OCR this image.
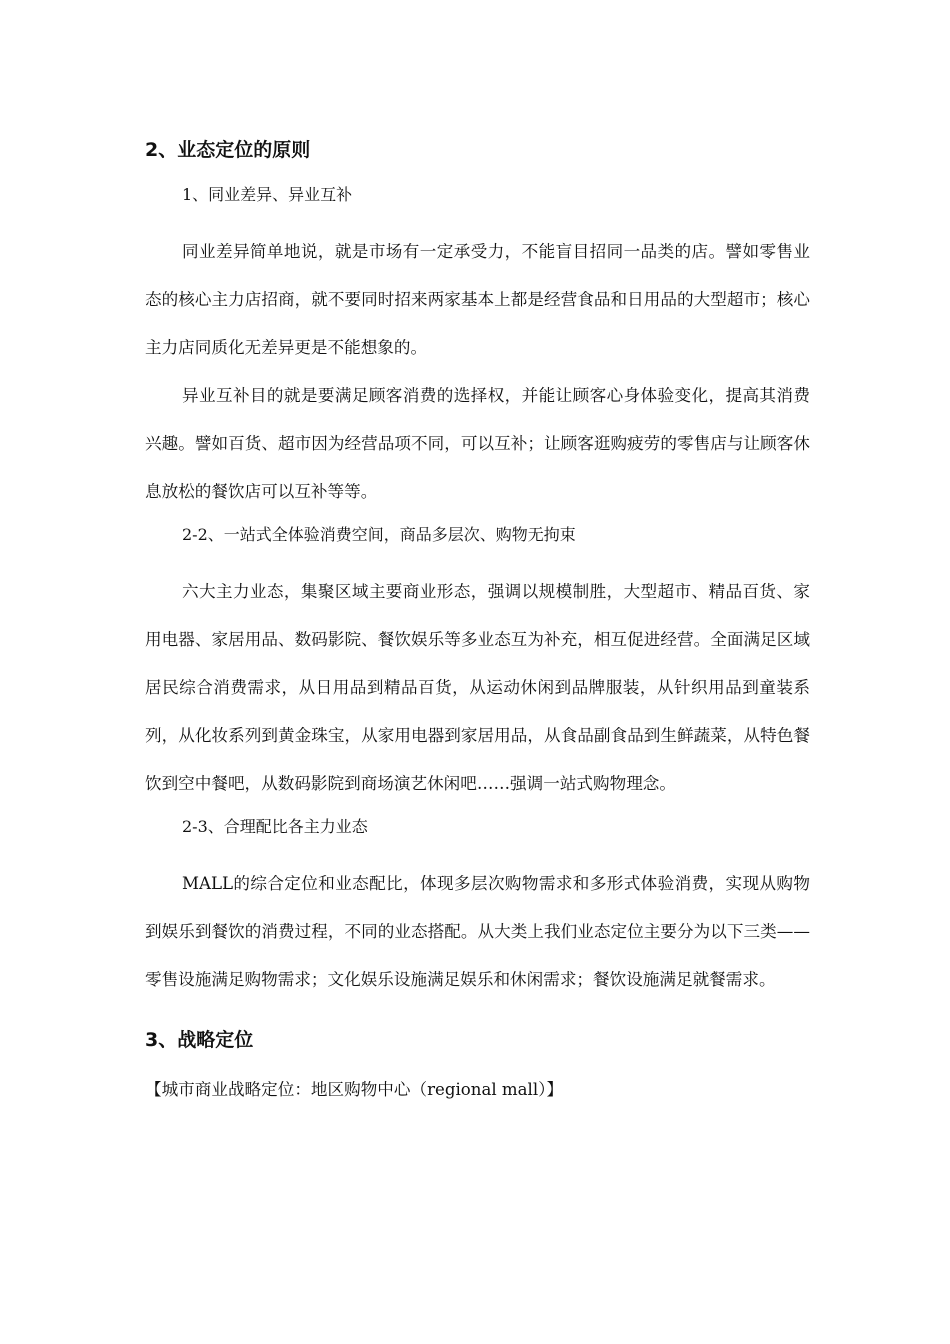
2、业态定位的原则

1、同业差异、异业互补

同业差异简单地说，就是市场有一定承受力，不能盲目招同一品类的店。譬如零售业态的核心主力店招商，就不要同时招来两家基本上都是经营食品和日用品的大型超市；核心主力店同质化无差异更是不能想象的。

异业互补目的就是要满足顾客消费的选择权，并能让顾客心身体验变化，提高其消费兴趣。譬如百货、超市因为经营品项不同，可以互补；让顾客逛购疲劳的零售店与让顾客休息放松的餐饮店可以互补等等。

2-2、一站式全体验消费空间，商品多层次、购物无拘束

六大主力业态，集聚区域主要商业形态，强调以规模制胜，大型超市、精品百货、家用电器、家居用品、数码影院、餐饮娱乐等多业态互为补充，相互促进经营。全面满足区域居民综合消费需求，从日用品到精品百货，从运动休闲到品牌服装，从针织用品到童装系列，从化妆系列到黄金珠宝，从家用电器到家居用品，从食品副食品到生鲜蔬菜，从特色餐饮到空中餐吧，从数码影院到商场演艺休闲吧……强调一站式购物理念。

2-3、合理配比各主力业态

MALL的综合定位和业态配比，体现多层次购物需求和多形式体验消费，实现从购物到娱乐到餐饮的消费过程，不同的业态搭配。从大类上我们业态定位主要分为以下三类——零售设施满足购物需求；文化娱乐设施满足娱乐和休闲需求；餐饮设施满足就餐需求。

3、战略定位

【城市商业战略定位：地区购物中心（regional mall）】
